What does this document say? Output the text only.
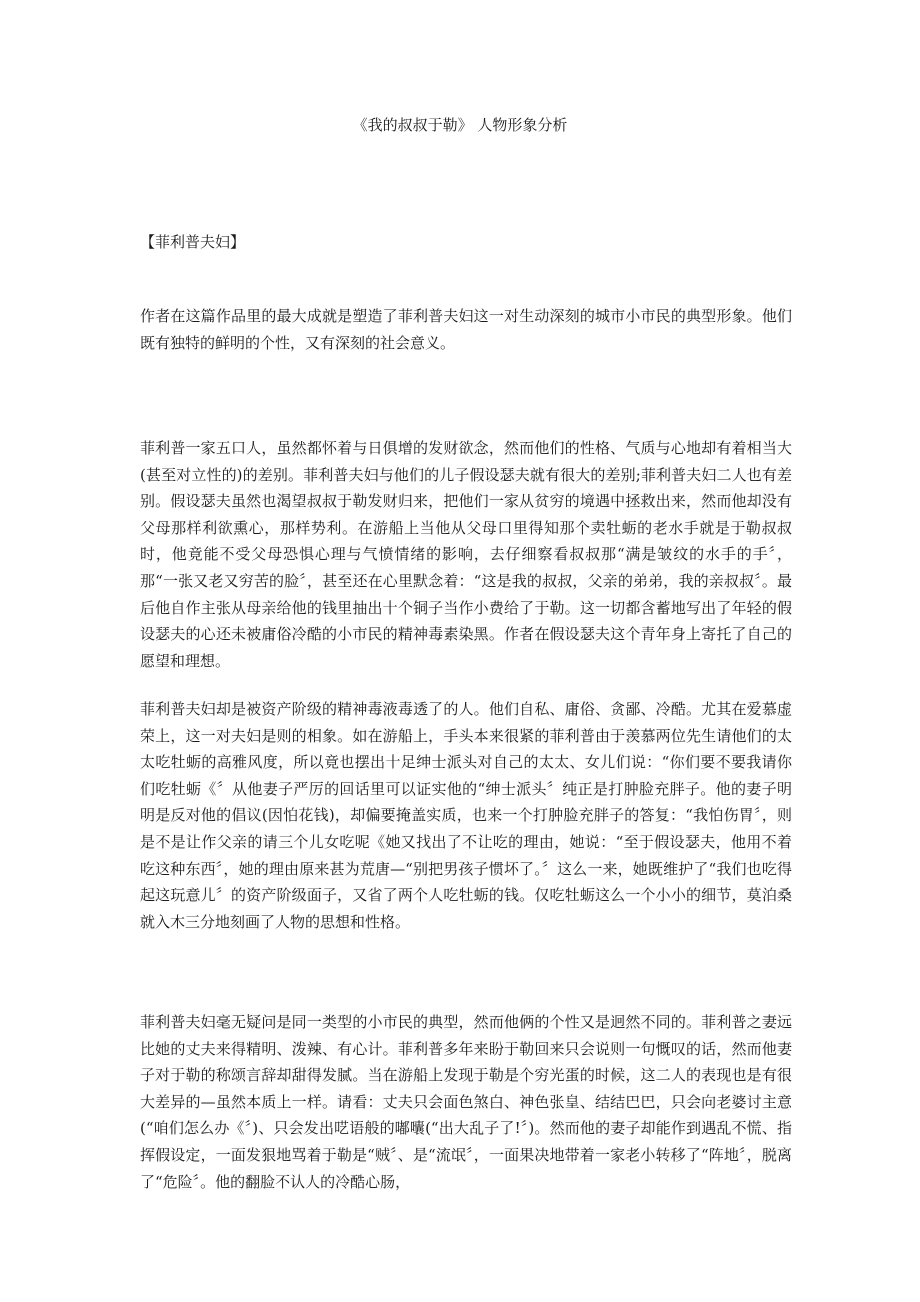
《我的叔叔于勒》 人物形象分析
【菲利普夫妇】

作者在这篇作品里的最大成就是塑造了菲利普夫妇这一对生动深刻的城市小市民的典型形象。他们既有独特的鲜明的个性，又有深刻的社会意义。

菲利普一家五口人，虽然都怀着与日俱增的发财欲念，然而他们的性格、气质与心地却有着相当大(甚至对立性的)的差别。菲利普夫妇与他们的儿子假设瑟夫就有很大的差别;菲利普夫妇二人也有差别。假设瑟夫虽然也渴望叔叔于勒发财归来，把他们一家从贫穷的境遇中拯救出来，然而他却没有父母那样利欲熏心，那样势利。在游船上当他从父母口里得知那个卖牡蛎的老水手就是于勒叔叔时，他竟能不受父母恐惧心理与气愤情绪的影响，去仔细察看叔叔那“满是皱纹的水手的手〞，那“一张又老又穷苦的脸〞，甚至还在心里默念着：“这是我的叔叔，父亲的弟弟，我的亲叔叔〞。最后他自作主张从母亲给他的钱里抽出十个铜子当作小费给了于勒。这一切都含蓄地写出了年轻的假设瑟夫的心还未被庸俗冷酷的小市民的精神毒素染黑。作者在假设瑟夫这个青年身上寄托了自己的愿望和理想。

菲利普夫妇却是被资产阶级的精神毒液毒透了的人。他们自私、庸俗、贪鄙、冷酷。尤其在爱慕虚荣上，这一对夫妇是则的相象。如在游船上，手头本来很紧的菲利普由于羡慕两位先生请他们的太太吃牡蛎的高雅风度，所以竟也摆出十足绅士派头对自己的太太、女儿们说：“你们要不要我请你们吃牡蛎《〞从他妻子严厉的回话里可以证实他的“绅士派头〞纯正是打肿脸充胖子。他的妻子明明是反对他的倡议(因怕花钱)，却偏要掩盖实质，也来一个打肿脸充胖子的答复：“我怕伤胃〞，则是不是让作父亲的请三个儿女吃呢《她又找出了不让吃的理由，她说：“至于假设瑟夫，他用不着吃这种东西〞，她的理由原来甚为荒唐—“别把男孩子惯坏了。〞这么一来，她既维护了“我们也吃得起这玩意儿〞的资产阶级面子，又省了两个人吃牡蛎的钱。仅吃牡蛎这么一个小小的细节，莫泊桑就入木三分地刻画了人物的思想和性格。

菲利普夫妇毫无疑问是同一类型的小市民的典型，然而他俩的个性又是迥然不同的。菲利普之妻远比她的丈夫来得精明、泼辣、有心计。菲利普多年来盼于勒回来只会说则一句慨叹的话，然而他妻子对于勒的称颂言辞却甜得发腻。当在游船上发现于勒是个穷光蛋的时候，这二人的表现也是有很大差异的—虽然本质上一样。请看：丈夫只会面色煞白、神色张皇、结结巴巴，只会向老婆讨主意(“咱们怎么办《〞)、只会发出呓语般的嘟囔(“出大乱子了!〞)。然而他的妻子却能作到遇乱不慌、指挥假设定，一面发狠地骂着于勒是“贼〞、是“流氓〞，一面果决地带着一家老小转移了“阵地〞，脱离了“危险〞。他的翻脸不认人的冷酷心肠，
